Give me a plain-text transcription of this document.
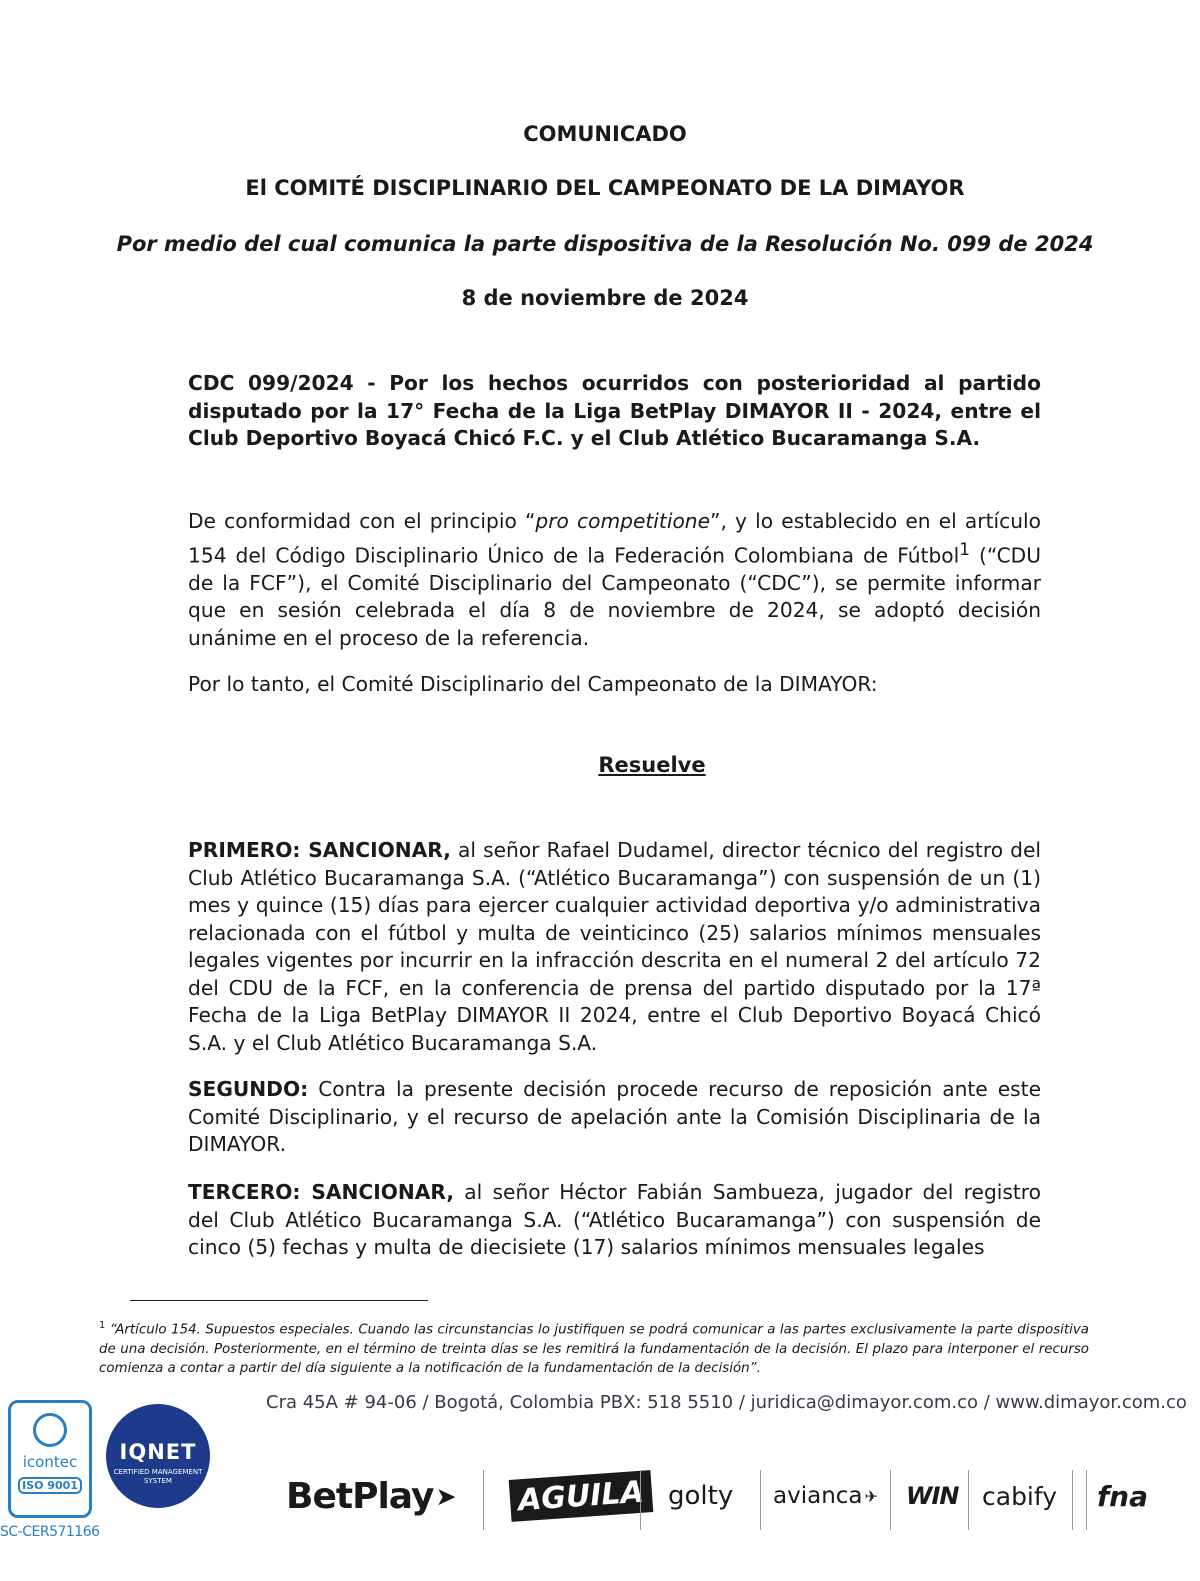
COMUNICADO
El COMITÉ DISCIPLINARIO DEL CAMPEONATO DE LA DIMAYOR
Por medio del cual comunica la parte dispositiva de la Resolución No. 099 de 2024
8 de noviembre de 2024
CDC 099/2024 - Por los hechos ocurridos con posterioridad al partido disputado por la 17° Fecha de la Liga BetPlay DIMAYOR II - 2024, entre el Club Deportivo Boyacá Chicó F.C. y el Club Atlético Bucaramanga S.A.
De conformidad con el principio “pro competitione”, y lo establecido en el artículo 154 del Código Disciplinario Único de la Federación Colombiana de Fútbol$^1$ (“CDU de la FCF”), el Comité Disciplinario del Campeonato (“CDC”), se permite informar que en sesión celebrada el día 8 de noviembre de 2024, se adoptó decisión unánime en el proceso de la referencia.
Por lo tanto, el Comité Disciplinario del Campeonato de la DIMAYOR:
Resuelve
PRIMERO: SANCIONAR, al señor Rafael Dudamel, director técnico del registro del Club Atlético Bucaramanga S.A. (“Atlético Bucaramanga”) con suspensión de un (1) mes y quince (15) días para ejercer cualquier actividad deportiva y/o administrativa relacionada con el fútbol y multa de veinticinco (25) salarios mínimos mensuales legales vigentes por incurrir en la infracción descrita en el numeral 2 del artículo 72 del CDU de la FCF, en la conferencia de prensa del partido disputado por la 17ª Fecha de la Liga BetPlay DIMAYOR II 2024, entre el Club Deportivo Boyacá Chicó S.A. y el Club Atlético Bucaramanga S.A.
SEGUNDO: Contra la presente decisión procede recurso de reposición ante este Comité Disciplinario, y el recurso de apelación ante la Comisión Disciplinaria de la DIMAYOR.
TERCERO: SANCIONAR, al señor Héctor Fabián Sambueza, jugador del registro del Club Atlético Bucaramanga S.A. (“Atlético Bucaramanga”) con suspensión de cinco (5) fechas y multa de diecisiete (17) salarios mínimos mensuales legales
$^1$ “Artículo 154. Supuestos especiales. Cuando las circunstancias lo justifiquen se podrá comunicar a las partes exclusivamente la parte dispositiva de una decisión. Posteriormente, en el término de treinta días se les remitirá la fundamentación de la decisión. El plazo para interponer el recurso comienza a contar a partir del día siguiente a la notificación de la fundamentación de la decisión”.
Cra 45A # 94-06 / Bogotá, Colombia PBX: 518 5510 / juridica@dimayor.com.co / www.dimayor.com.co
icontec
ISO 9001
IQNET
CERTIFIED MANAGEMENT SYSTEM
SC-CER571166
BetPlay ➤ AGUILA golty avianca ✈ WIN cabify fna
